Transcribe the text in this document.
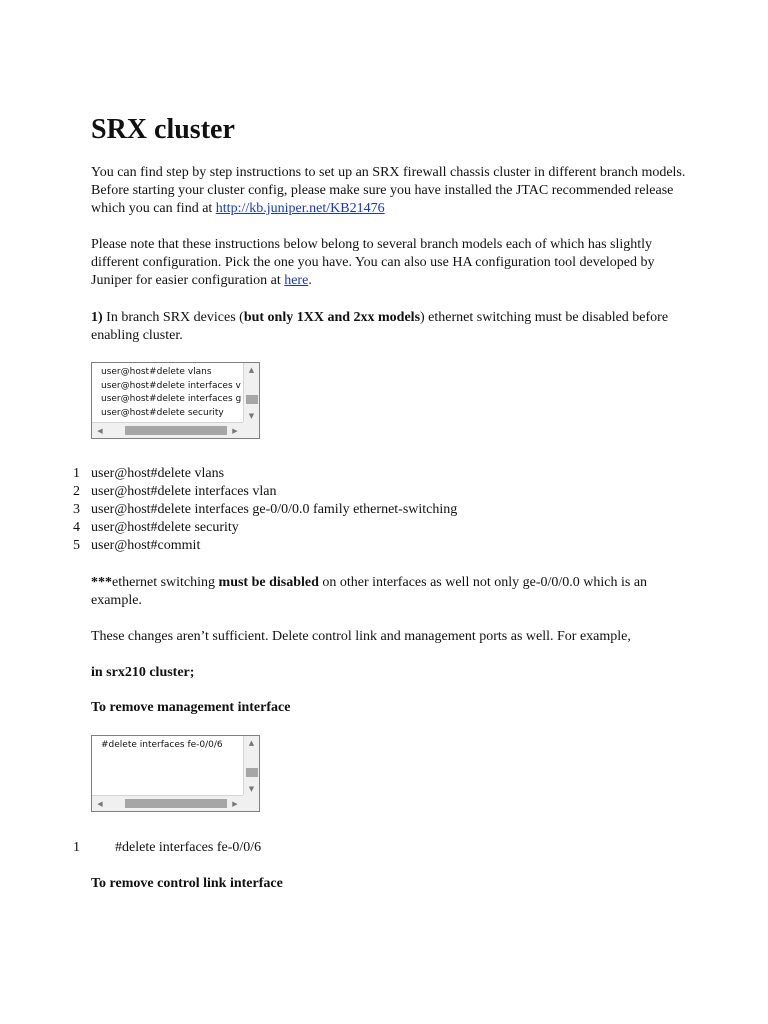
SRX cluster

You can find step by step instructions to set up an SRX firewall chassis cluster in different branch models. Before starting your cluster config, please make sure you have installed the JTAC recommended release which you can find at http://kb.juniper.net/KB21476

Please note that these instructions below belong to several branch models each of which has slightly different configuration. Pick the one you have. You can also use HA configuration tool developed by Juniper for easier configuration at here.

1) In branch SRX devices (but only 1XX and 2xx models) ethernet switching must be disabled before enabling cluster.

user@host#delete vlans
user@host#delete interfaces v
user@host#delete interfaces g
user@host#delete security
▲
▼
◀	▶
1 user@host#delete vlans
2 user@host#delete interfaces vlan
3 user@host#delete interfaces ge-0/0/0.0 family ethernet-switching
4 user@host#delete security
5 user@host#commit

***ethernet switching must be disabled on other interfaces as well not only ge-0/0/0.0 which is an example.

These changes aren’t sufficient. Delete control link and management ports as well. For example,

in srx210 cluster;

To remove management interface

#delete interfaces fe-0/0/6	▲
▼
◀	▶
1	#delete interfaces fe-0/0/6

To remove control link interface
